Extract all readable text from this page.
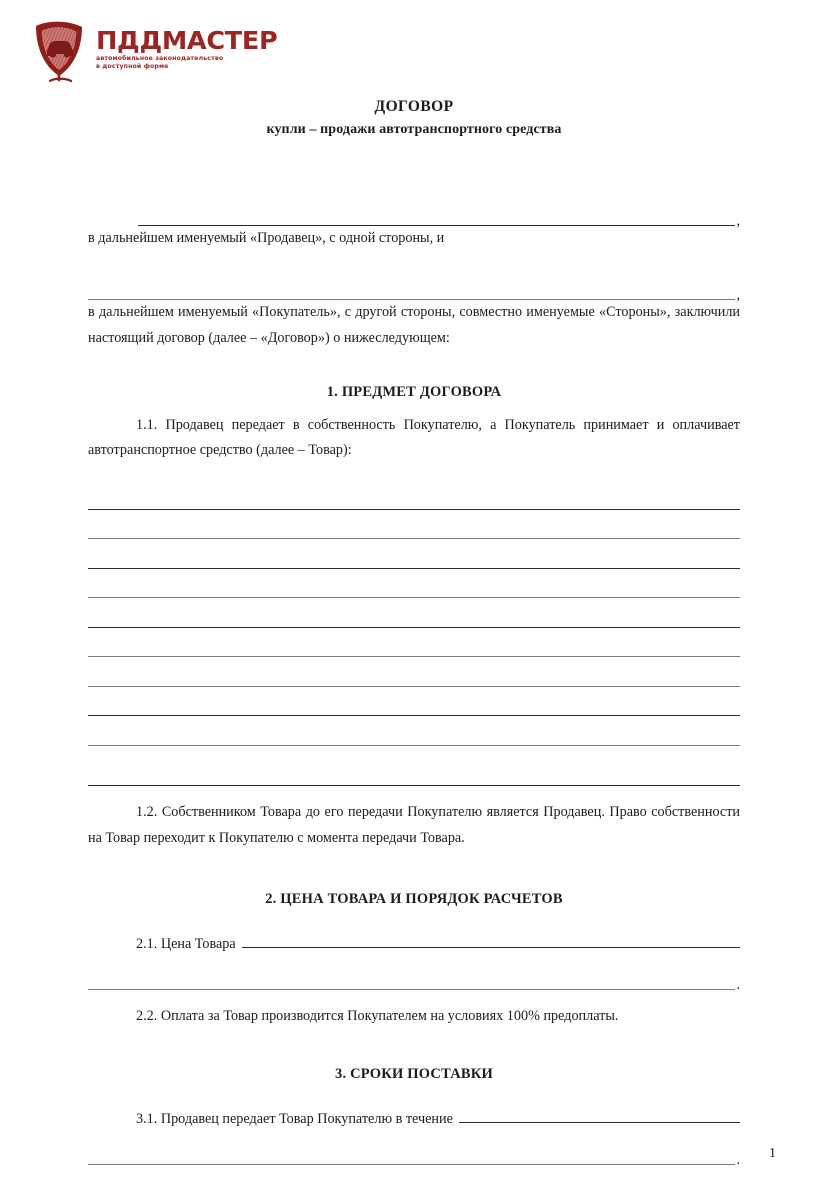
ПДДМАСТЕР
автомобильное законодательство
в доступной форме
ДОГОВОР
купли – продажи автотранспортного средства
,

в дальнейшем именуемый «Продавец», с одной стороны, и

,

в дальнейшем именуемый «Покупатель», с другой стороны, совместно именуемые «Стороны», заключили настоящий договор (далее – «Договор») о нижеследующем:

1. ПРЕДМЕТ ДОГОВОРА

1.1. Продавец передает в собственность Покупателю, а Покупатель принимает и оплачивает автотранспортное средство (далее – Товар):

1.2. Собственником Товара до его передачи Покупателю является Продавец. Право собственности на Товар переходит к Покупателю с момента передачи Товара.

2. ЦЕНА ТОВАРА И ПОРЯДОК РАСЧЕТОВ
2.1. Цена Товара
.

2.2. Оплата за Товар производится Покупателем на условиях 100% предоплаты.

3. СРОКИ ПОСТАВКИ
3.1. Продавец передает Товар Покупателю в течение
. 1
